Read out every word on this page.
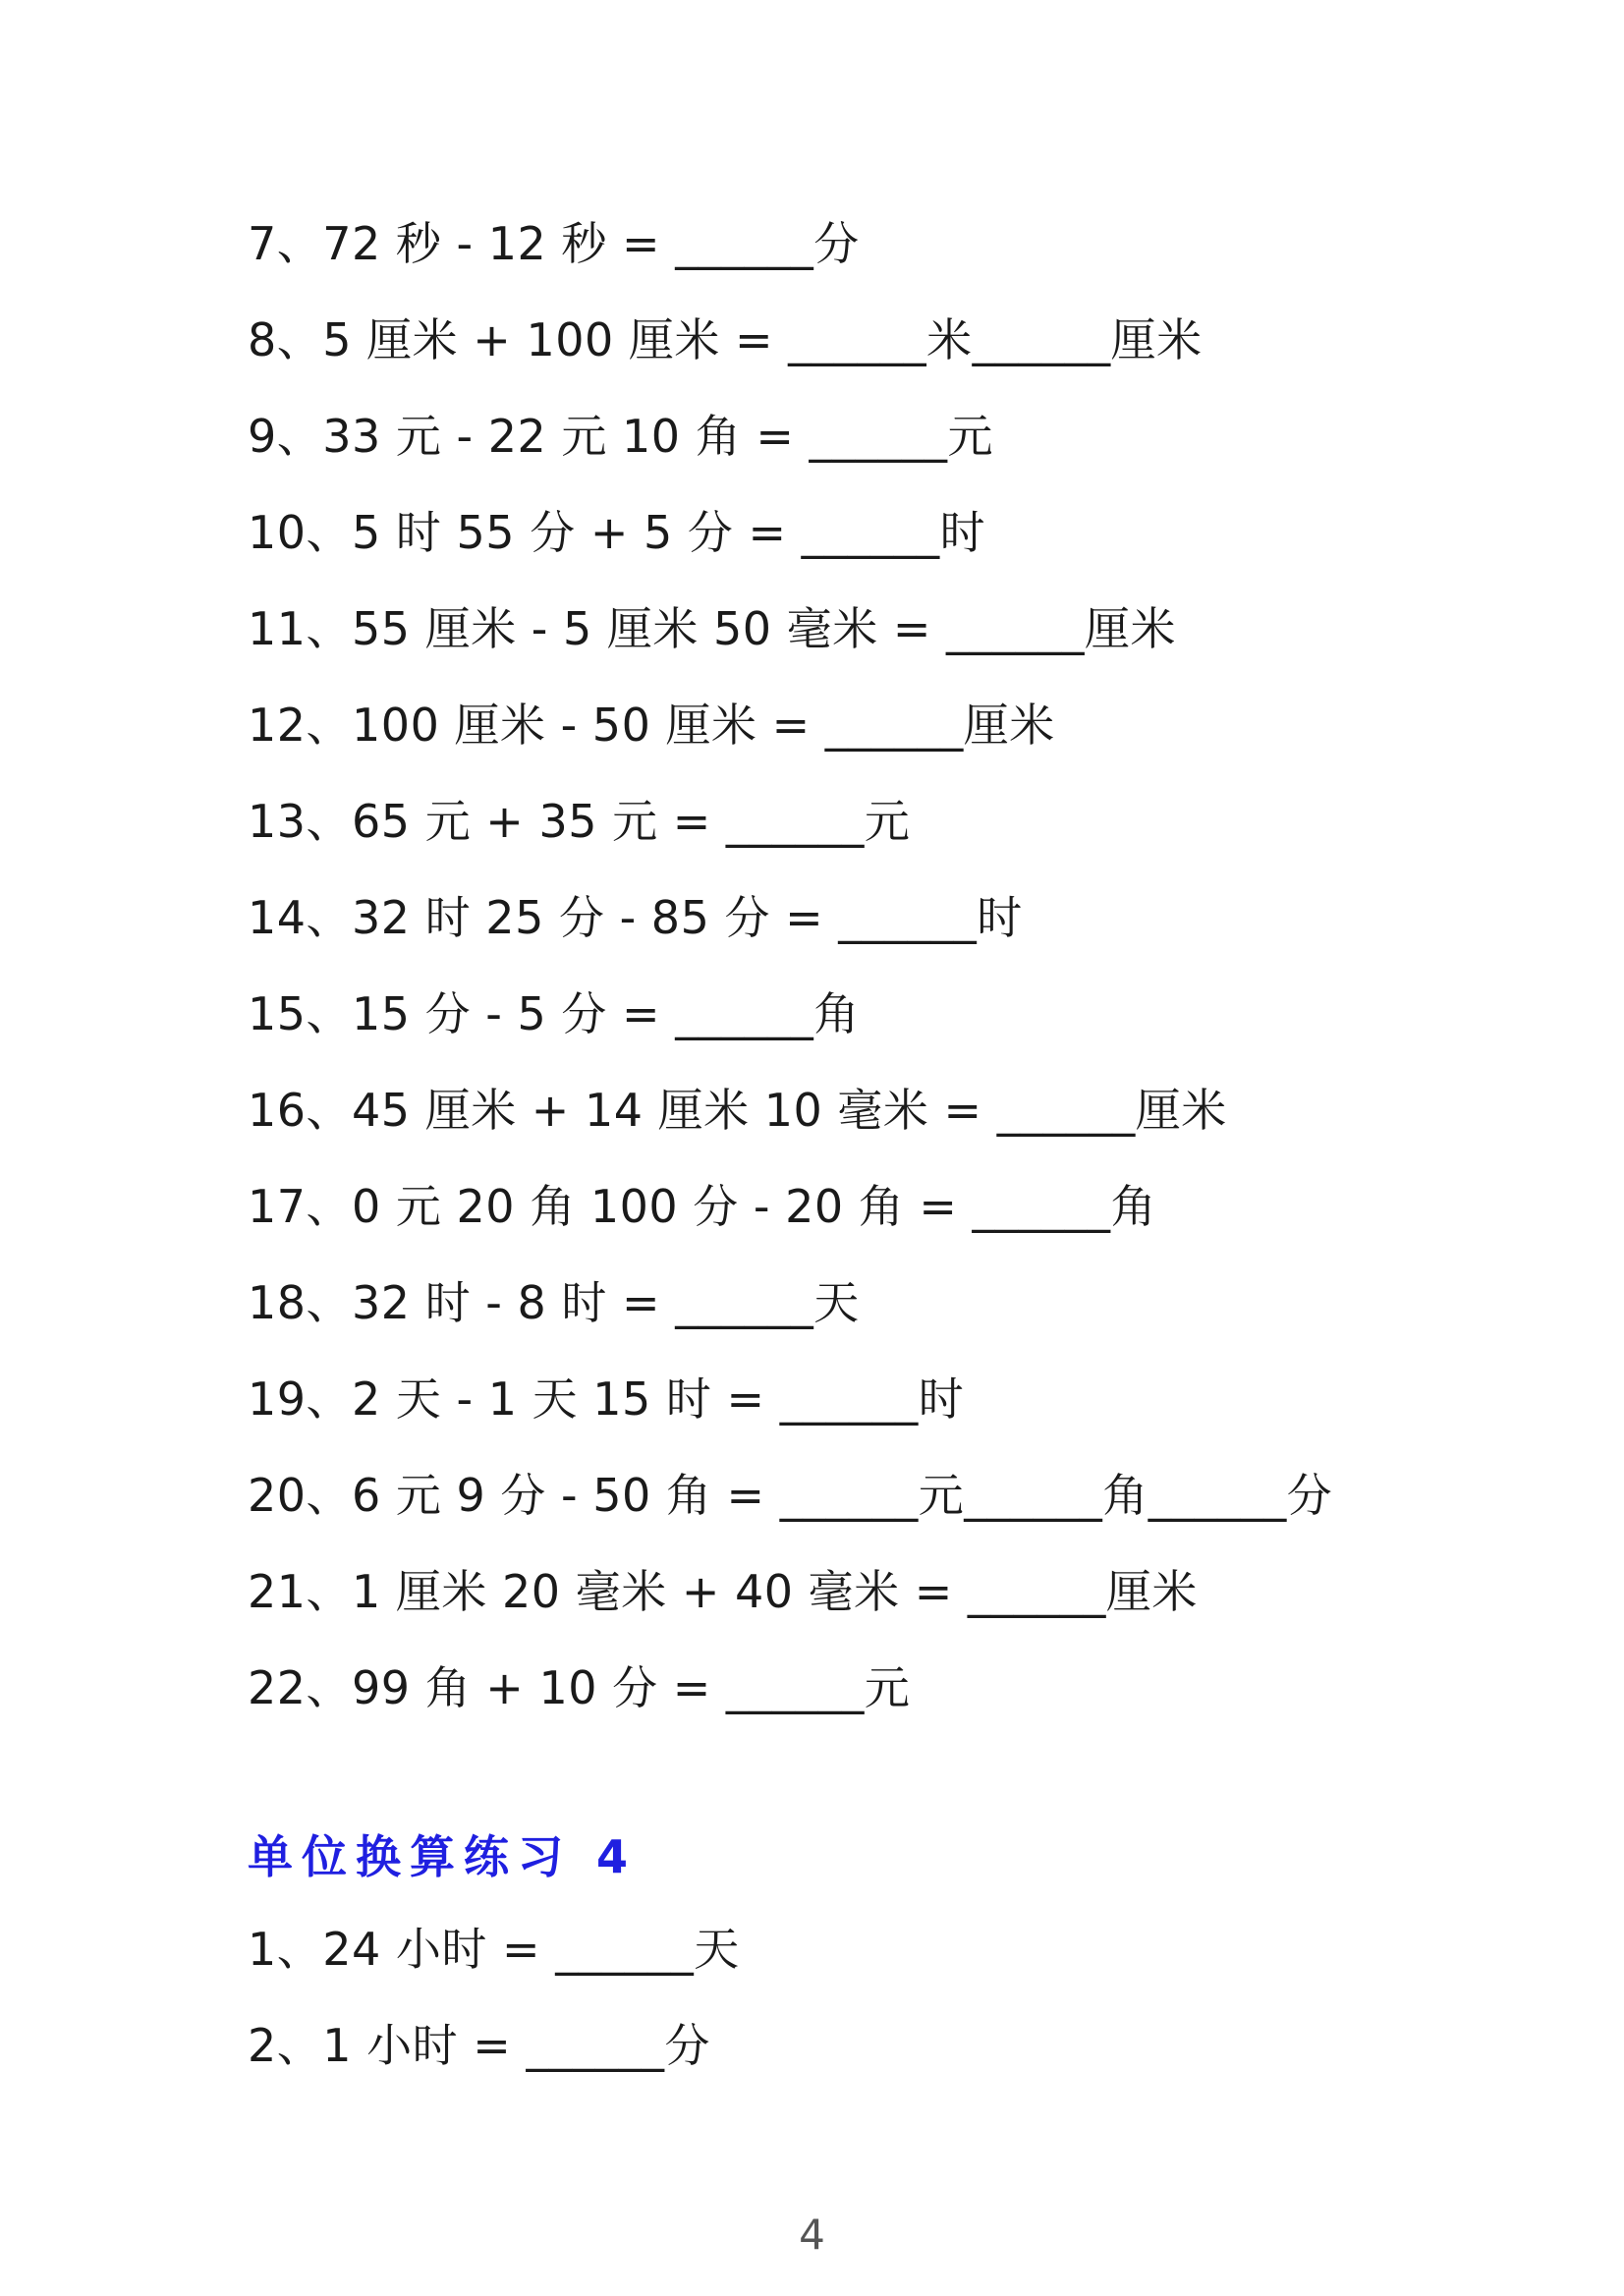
7、72 秒 - 12 秒 = ______分
8、5 厘米 + 100 厘米 = ______米______厘米
9、33 元 - 22 元 10 角 = ______元
10、5 时 55 分 + 5 分 = ______时
11、55 厘米 - 5 厘米 50 毫米 = ______厘米
12、100 厘米 - 50 厘米 = ______厘米
13、65 元 + 35 元 = ______元
14、32 时 25 分 - 85 分 = ______时
15、15 分 - 5 分 = ______角
16、45 厘米 + 14 厘米 10 毫米 = ______厘米
17、0 元 20 角 100 分 - 20 角 = ______角
18、32 时 - 8 时 = ______天
19、2 天 - 1 天 15 时 = ______时
20、6 元 9 分 - 50 角 = ______元______角______分
21、1 厘米 20 毫米 + 40 毫米 = ______厘米
22、99 角 + 10 分 = ______元
单位换算练习 4
1、24 小时 = ______天
2、1 小时 = ______分
4
